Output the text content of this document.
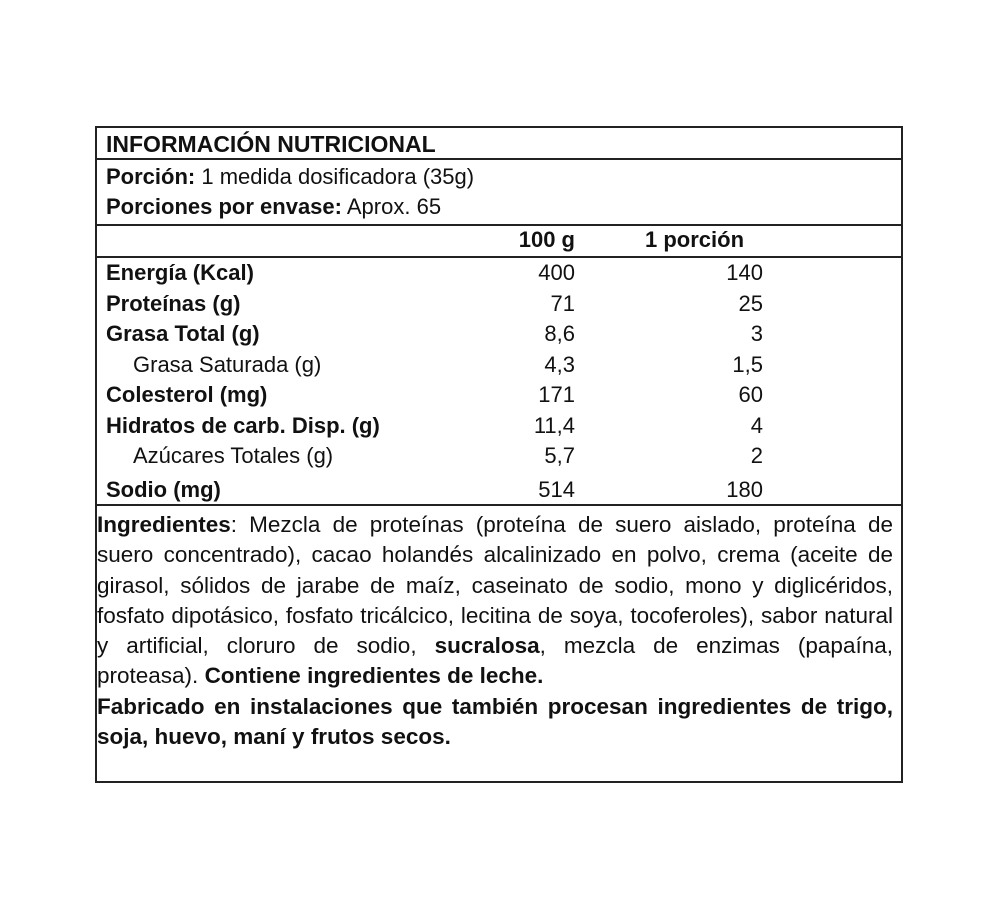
INFORMACIÓN NUTRICIONAL
Porción: 1 medida dosificadora (35g)
Porciones por envase: Aprox. 65
100 g	1 porción
Energía (Kcal)	400	140
Proteínas (g)	71	25
Grasa Total (g)	8,6	3
Grasa Saturada (g)	4,3	1,5
Colesterol (mg)	171	60
Hidratos de carb. Disp. (g)	11,4	4
Azúcares Totales (g)	5,7	2
Sodio (mg)	514	180

Ingredientes: Mezcla de proteínas (proteína de suero aislado, proteína de suero concentrado), cacao holandés alcalinizado en polvo, crema (aceite de girasol, sólidos de jarabe de maíz, caseinato de sodio, mono y diglicéridos, fosfato dipotásico, fosfato tricálcico, lecitina de soya, tocoferoles), sabor natural y artificial, cloruro de sodio, sucralosa, mezcla de enzimas (papaína, proteasa). Contiene ingredientes de leche.

Fabricado en instalaciones que también procesan ingredientes de trigo, soja, huevo, maní y frutos secos.
